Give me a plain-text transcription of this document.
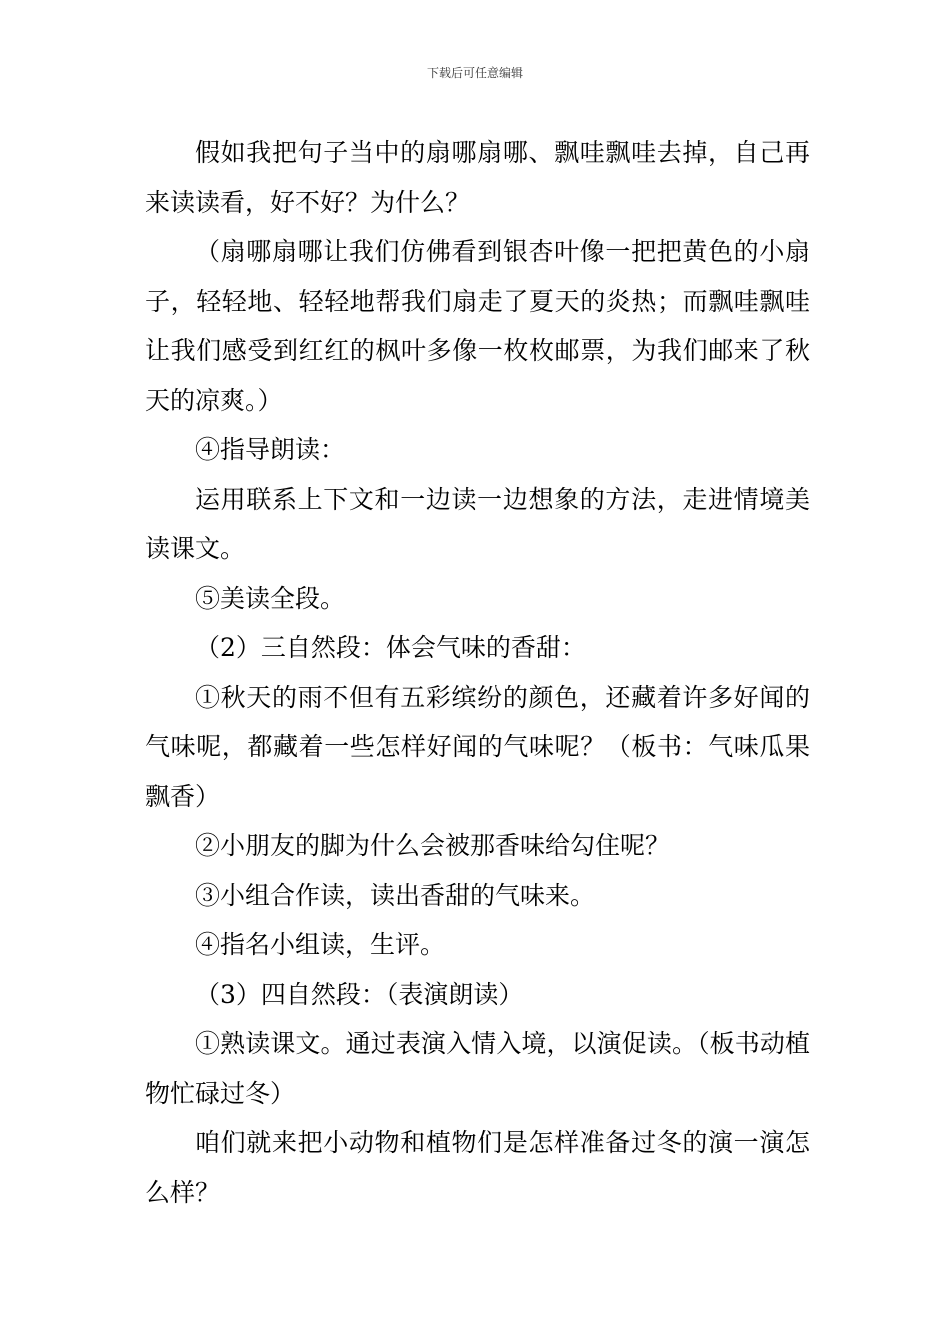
下载后可任意编辑

假如我把句子当中的扇哪扇哪、飘哇飘哇去掉，自己再来读读看，好不好？为什么？

（扇哪扇哪让我们仿佛看到银杏叶像一把把黄色的小扇子，轻轻地、轻轻地帮我们扇走了夏天的炎热；而飘哇飘哇让我们感受到红红的枫叶多像一枚枚邮票，为我们邮来了秋天的凉爽。）

④指导朗读：

运用联系上下文和一边读一边想象的方法，走进情境美读课文。

⑤美读全段。

（2）三自然段：体会气味的香甜：

①秋天的雨不但有五彩缤纷的颜色，还藏着许多好闻的气味呢，都藏着一些怎样好闻的气味呢？（板书：气味瓜果飘香）

②小朋友的脚为什么会被那香味给勾住呢？

③小组合作读，读出香甜的气味来。

④指名小组读，生评。

（3）四自然段：（表演朗读）

①熟读课文。通过表演入情入境，以演促读。（板书动植物忙碌过冬）

咱们就来把小动物和植物们是怎样准备过冬的演一演怎么样？
